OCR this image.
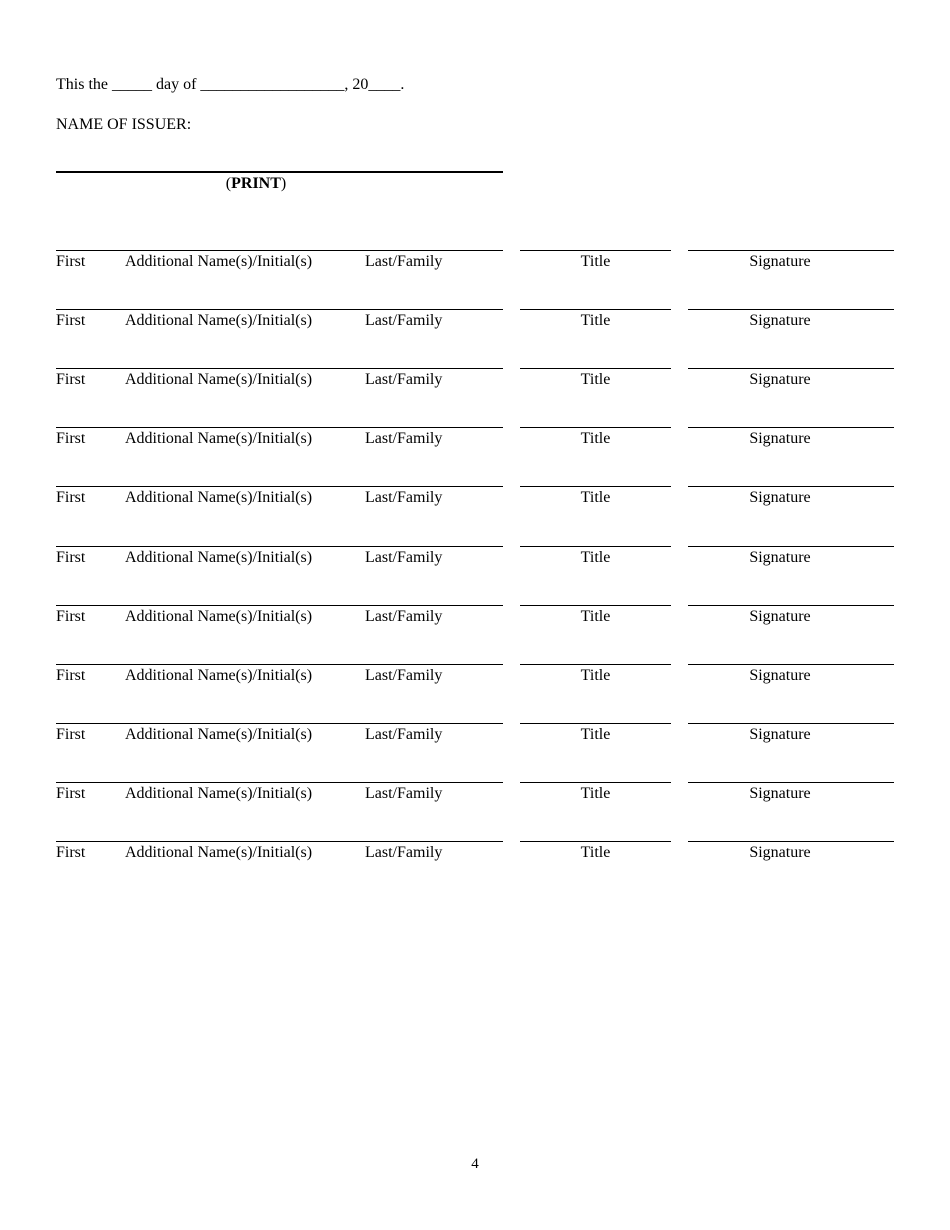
This the _____ day of __________________, 20____.
NAME OF ISSUER:
(PRINT)
First Additional Name(s)/Initial(s)	Last/Family	Title	Signature
First Additional Name(s)/Initial(s)	Last/Family	Title	Signature
First Additional Name(s)/Initial(s)	Last/Family	Title	Signature
First Additional Name(s)/Initial(s)	Last/Family	Title	Signature
First Additional Name(s)/Initial(s)	Last/Family	Title	Signature
First Additional Name(s)/Initial(s)	Last/Family	Title	Signature
First Additional Name(s)/Initial(s)	Last/Family	Title	Signature
First Additional Name(s)/Initial(s)	Last/Family	Title	Signature
First Additional Name(s)/Initial(s)	Last/Family	Title	Signature
First Additional Name(s)/Initial(s)	Last/Family	Title	Signature
First Additional Name(s)/Initial(s)	Last/Family	Title	Signature
4
